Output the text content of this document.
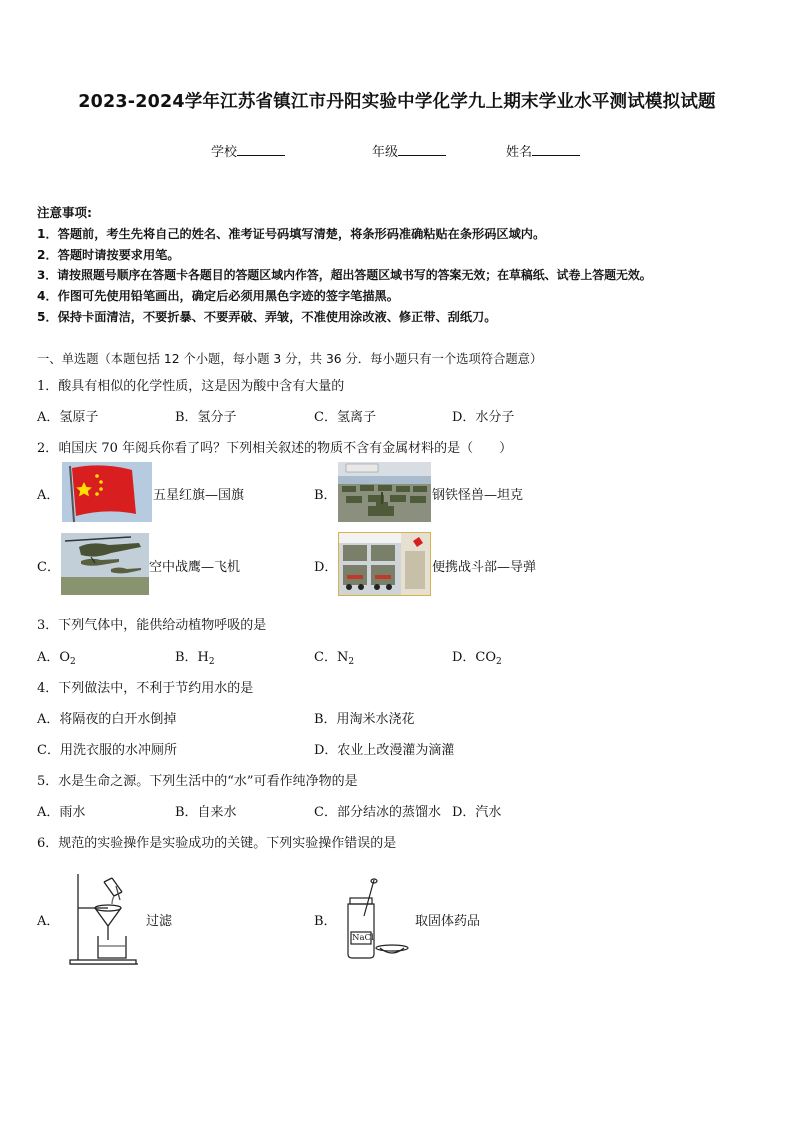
2023-2024学年江苏省镇江市丹阳实验中学化学九上期末学业水平测试模拟试题
学校	年级	姓名
注意事项:
1．答题前，考生先将自己的姓名、准考证号码填写清楚，将条形码准确粘贴在条形码区域内。
2．答题时请按要求用笔。
3．请按照题号顺序在答题卡各题目的答题区域内作答，超出答题区域书写的答案无效；在草稿纸、试卷上答题无效。
4．作图可先使用铅笔画出，确定后必须用黑色字迹的签字笔描黑。
5．保持卡面清洁，不要折暴、不要弄破、弄皱，不准使用涂改液、修正带、刮纸刀。
一、单选题（本题包括 12 个小题，每小题 3 分，共 36 分．每小题只有一个选项符合题意）
1．酸具有相似的化学性质，这是因为酸中含有大量的
A．氢原子	B．氢分子	C．氢离子	D．水分子
2．咱国庆 70 年阅兵你看了吗？下列相关叙述的物质不含有金属材料的是（　　）
A．	五星红旗—国旗	B．	钢铁怪兽—坦克
C．	空中战鹰—飞机	D．	便携战斗部—导弹
3．下列气体中，能供给动植物呼吸的是
A．$O_2$	B．$H_2$	C．$N_2$	D．$CO_2$
4．下列做法中，不利于节约用水的是
A．将隔夜的白开水倒掉	B．用淘米水浇花
C．用洗衣服的水冲厕所	D．农业上改漫灌为滴灌
5．水是生命之源。下列生活中的“水”可看作纯净物的是
A．雨水	B．自来水	C．部分结冰的蒸馏水 D．汽水
6．规范的实验操作是实验成功的关键。下列实验操作错误的是
A．	过滤	B．
NaCl
取固体药品
